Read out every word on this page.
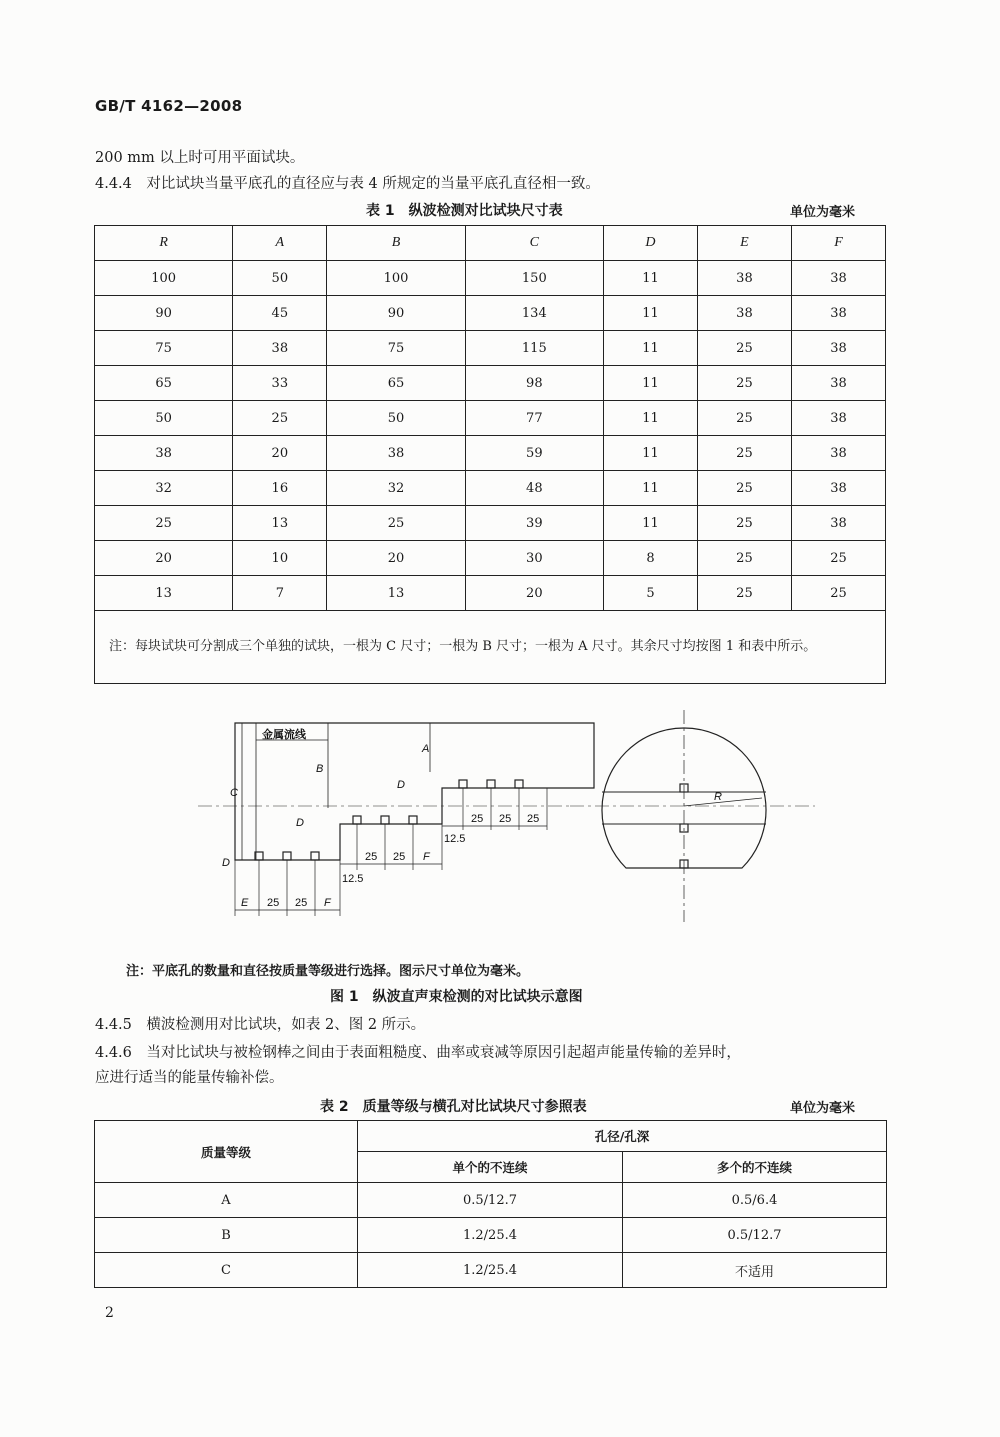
GB/T 4162—2008
200 mm 以上时可用平面试块。
4.4.4　对比试块当量平底孔的直径应与表 4 所规定的当量平底孔直径相一致。
表 1　纵波检测对比试块尺寸表	单位为毫米
R	A	B	C	D	E	F
100	50	100	150	11	38	38
90	45	90	134	11	38	38
75	38	75	115	11	25	38
65	33	65	98	11	25	38
50	25	50	77	11	25	38
38	20	38	59	11	25	38
32	16	32	48	11	25	38
25	13	25	39	11	25	38
20	10	20	30	8	25	25
13	7	13	20	5	25	25
注：每块试块可分割成三个单独的试块，一根为 C 尺寸；一根为 B 尺寸；一根为 A 尺寸。其余尺寸均按图 1 和表中所示。						
金属流线
A
B
C
D
D
D
E 25 25 F
25 25 F
12.5
25 25 25
12.5
R
注：平底孔的数量和直径按质量等级进行选择。图示尺寸单位为毫米。
图 1　纵波直声束检测的对比试块示意图
4.4.5　横波检测用对比试块，如表 2、图 2 所示。
4.4.6　当对比试块与被检钢棒之间由于表面粗糙度、曲率或衰减等原因引起超声能量传输的差异时，
应进行适当的能量传输补偿。
表 2　质量等级与横孔对比试块尺寸参照表	单位为毫米
质量等级	孔径/孔深	
	单个的不连续	多个的不连续
A	0.5/12.7	0.5/6.4
B	1.2/25.4	0.5/12.7
C	1.2/25.4	不适用
2
